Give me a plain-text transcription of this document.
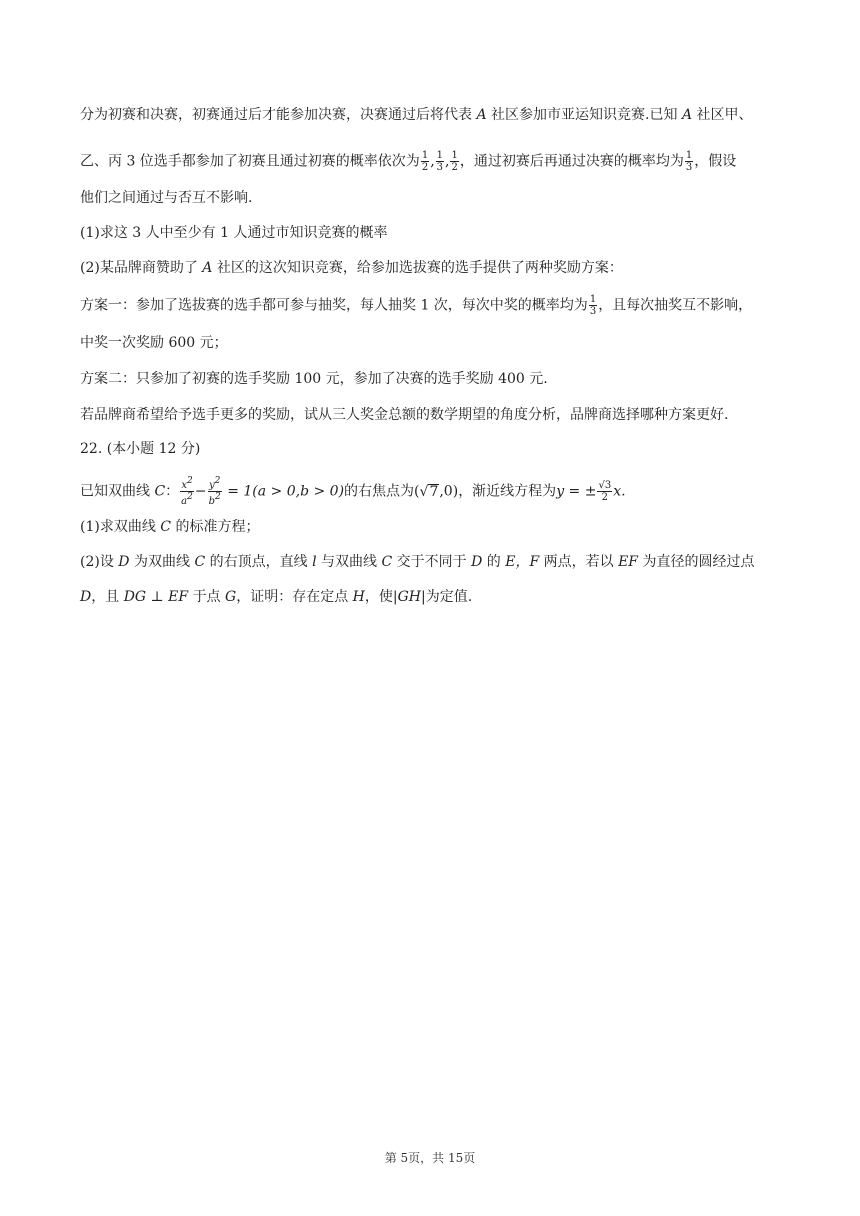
分为初赛和决赛，初赛通过后才能参加决赛，决赛通过后将代表 A 社区参加市亚运知识竞赛.已知 A 社区甲、
乙、丙 3 位选手都参加了初赛且通过初赛的概率依次为 $\frac{1}{2}$ , $\frac{1}{3}$ , $\frac{1}{2}$ ，通过初赛后再通过决赛的概率均为 $\frac{1}{3}$ ，假设
他们之间通过与否互不影响.
(1)求这 3 人中至少有 1 人通过市知识竞赛的概率
(2)某品牌商赞助了 A 社区的这次知识竞赛，给参加选拔赛的选手提供了两种奖励方案：
方案一：参加了选拔赛的选手都可参与抽奖，每人抽奖 1 次，每次中奖的概率均为 $\frac{1}{3}$ ，且每次抽奖互不影响，
中奖一次奖励 600 元；
方案二：只参加了初赛的选手奖励 100 元，参加了决赛的选手奖励 400 元.
若品牌商希望给予选手更多的奖励，试从三人奖金总额的数学期望的角度分析，品牌商选择哪种方案更好.
22. (本小题 12 分)
已知双曲线 C： $\frac{x2}{a2} - \frac{y2}{b2} = 1(a > 0,b > 0)$的右焦点为(√7,0)，渐近线方程为y = ± $\frac{√3}{2} x$.
(1)求双曲线 C 的标准方程；
(2)设 D 为双曲线 C 的右顶点，直线 l 与双曲线 C 交于不同于 D 的 E，F 两点，若以 EF 为直径的圆经过点
D，且 DG ⊥ EF 于点 G，证明：存在定点 H，使|GH|为定值.
第 5页，共 15页
